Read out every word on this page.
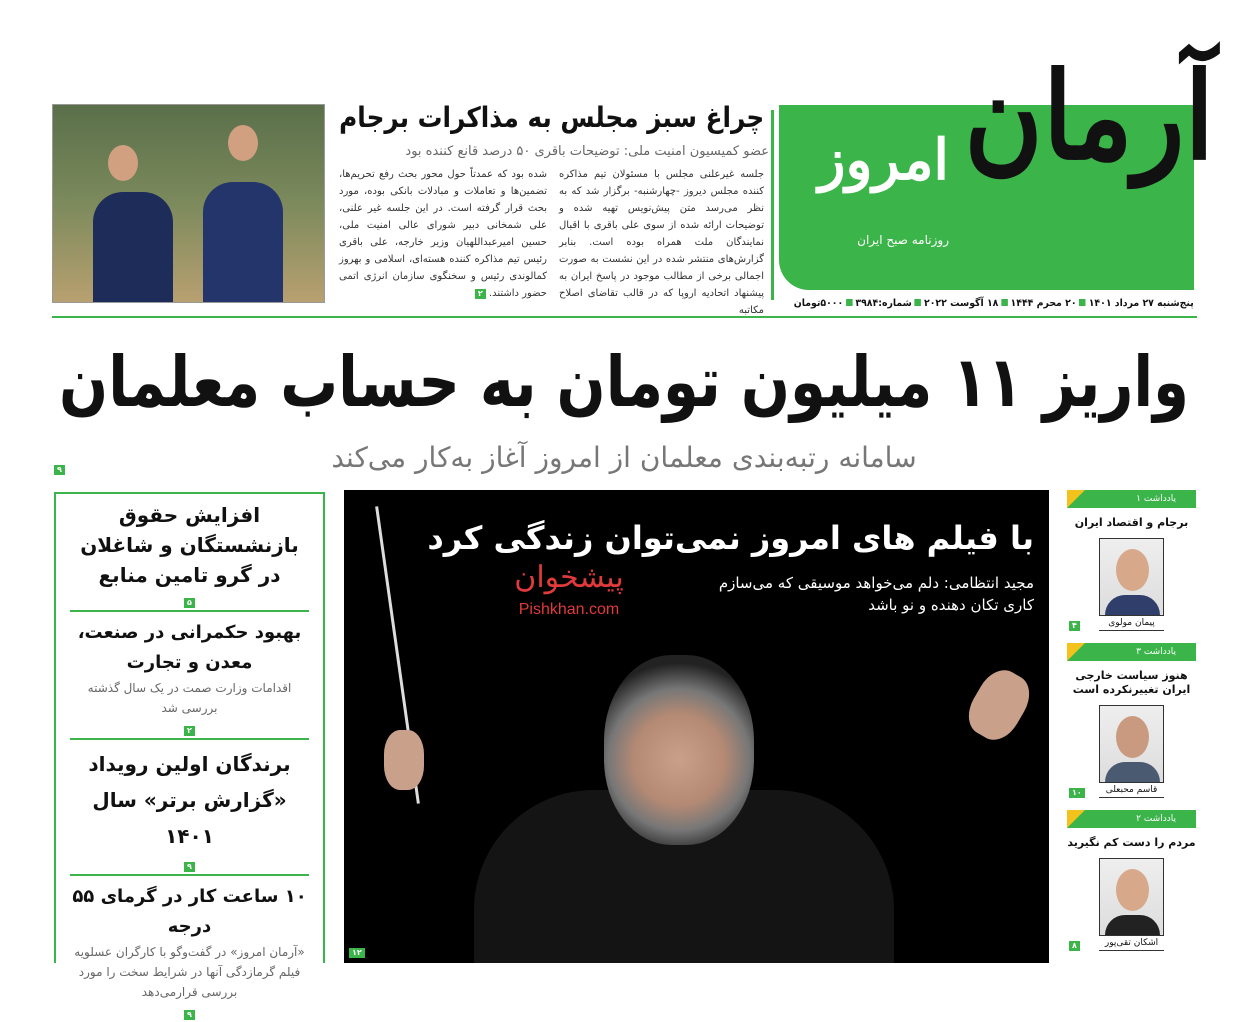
آرمان
امروز
روزنامه صبح ایران
پنج‌شنبه ۲۷ مرداد ۱۴۰۱۲۰ محرم ۱۴۴۴۱۸ آگوست ۲۰۲۲شماره:۳۹۸۴۵۰۰۰تومان
چراغ سبز مجلس به مذاکرات برجام
عضو کمیسیون امنیت ملی: توضیحات باقری ۵۰ درصد قانع کننده بود
جلسه غیرعلنی مجلس با مسئولان تیم مذاکره کننده مجلس دیروز -چهارشنبه- برگزار شد که به نظر می‌رسد متن پیش‌نویس تهیه شده و توضیحات ارائه شده از سوی علی باقری با اقبال نمایندگان ملت همراه بوده است. بنابر گزارش‌های منتشر شده در این نشست به صورت اجمالی برخی از مطالب موجود در پاسخ ایران به پیشنهاد اتحادیه اروپا که در قالب تقاضای اصلاح مکاتبه
شده بود که عمدتاً حول محور بحث رفع تحریم‌ها، تضمین‌ها و تعاملات و مبادلات بانکی بوده، مورد بحث قرار گرفته است. در این جلسه غیر علنی، علی شمخانی دبیر شورای عالی امنیت ملی، حسین امیرعبداللهیان وزیر خارجه، علی باقری رئیس تیم مذاکره کننده هسته‌ای، اسلامی و بهروز کمالوندی رئیس و سخنگوی سازمان انرژی اتمی حضور داشتند. ۲
واریز ۱۱ میلیون تومان به حساب معلمان
سامانه رتبه‌بندی معلمان از امروز آغاز به‌کار می‌کند
۹
افزایش حقوق بازنشستگان و شاغلان در گرو تامین منابع
۵
بهبود حکمرانی در صنعت، معدن و تجارت

اقدامات وزارت صمت در یک سال گذشته بررسی شد

۲
برندگان اولین رویداد «گزارش برتر» سال ۱۴۰۱
۹
۱۰ ساعت کار در گرمای ۵۵ درجه

«آرمان امروز» در گفت‌وگو با کارگران عسلویه فیلم گرمازدگی آنها در شرایط سخت را مورد بررسی قرارمی‌دهد

۹
با فیلم های امروز نمی‌توان زندگی کرد
مجید انتظامی: دلم می‌خواهد موسیقی که می‌سازم
کاری تکان دهنده و نو باشد
پیشخوان
Pishkhan.com
۱۲
یادداشت ۱
برجام و اقتصاد ایران
پیمان مولوی
۴
یادداشت ۳
هنوز سیاست خارجی ایران تغییرنکرده است
قاسم محبعلی
۱۰
یادداشت ۲
مردم را دست کم نگیرید
اشکان تقی‌پور
۸
